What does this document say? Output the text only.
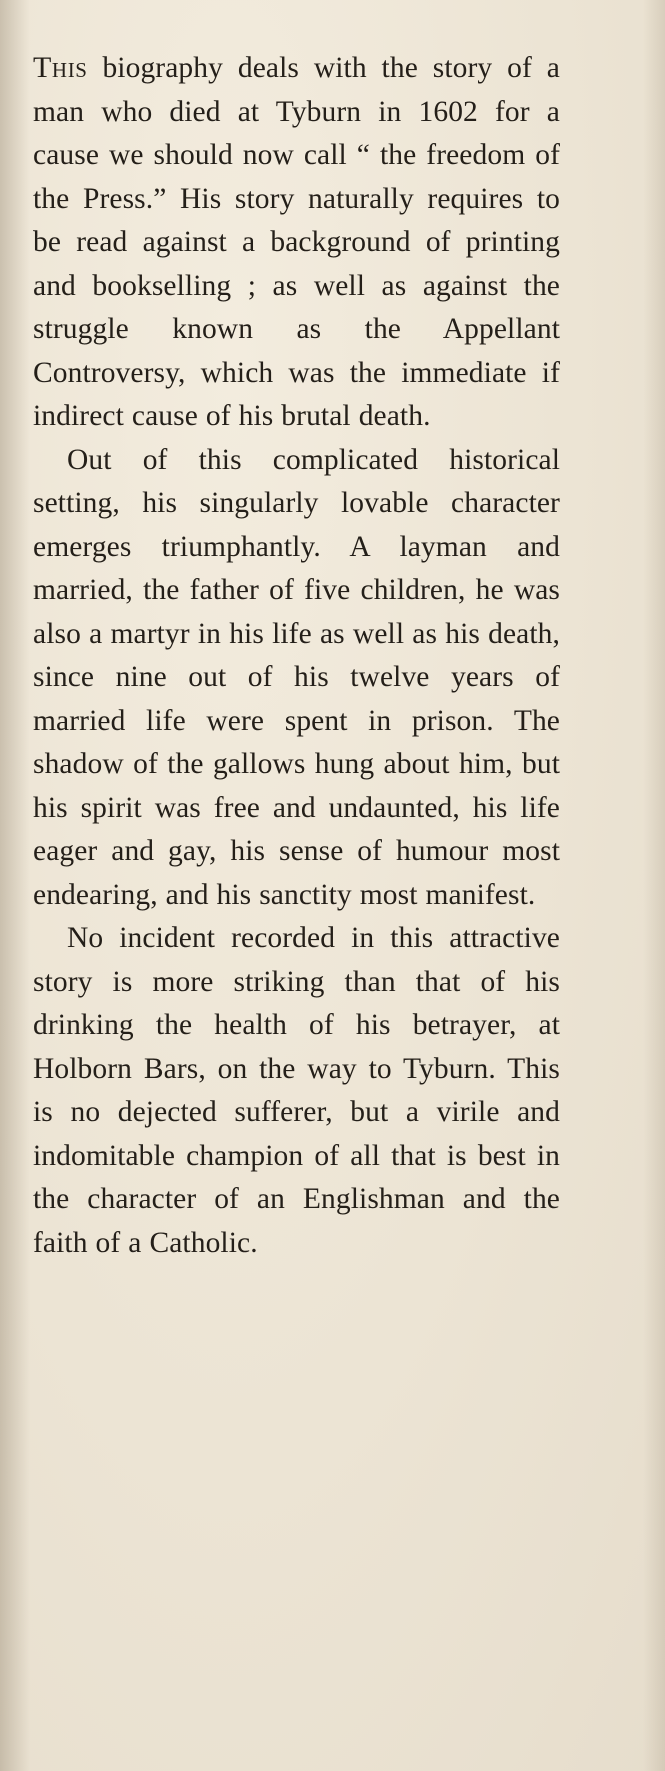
This biography deals with the story of a man who died at Tyburn in 1602 for a cause we should now call “ the freedom of the Press.” His story naturally requires to be read against a background of printing and bookselling ; as well as against the struggle known as the Appellant Controversy, which was the immediate if indirect cause of his brutal death.

Out of this complicated historical setting, his singularly lovable character emerges triumphantly. A layman and married, the father of five children, he was also a martyr in his life as well as his death, since nine out of his twelve years of married life were spent in prison. The shadow of the gallows hung about him, but his spirit was free and undaunted, his life eager and gay, his sense of humour most endearing, and his sanctity most manifest.

No incident recorded in this attractive story is more striking than that of his drinking the health of his betrayer, at Holborn Bars, on the way to Tyburn. This is no dejected sufferer, but a virile and indomitable champion of all that is best in the character of an Englishman and the faith of a Catholic.
